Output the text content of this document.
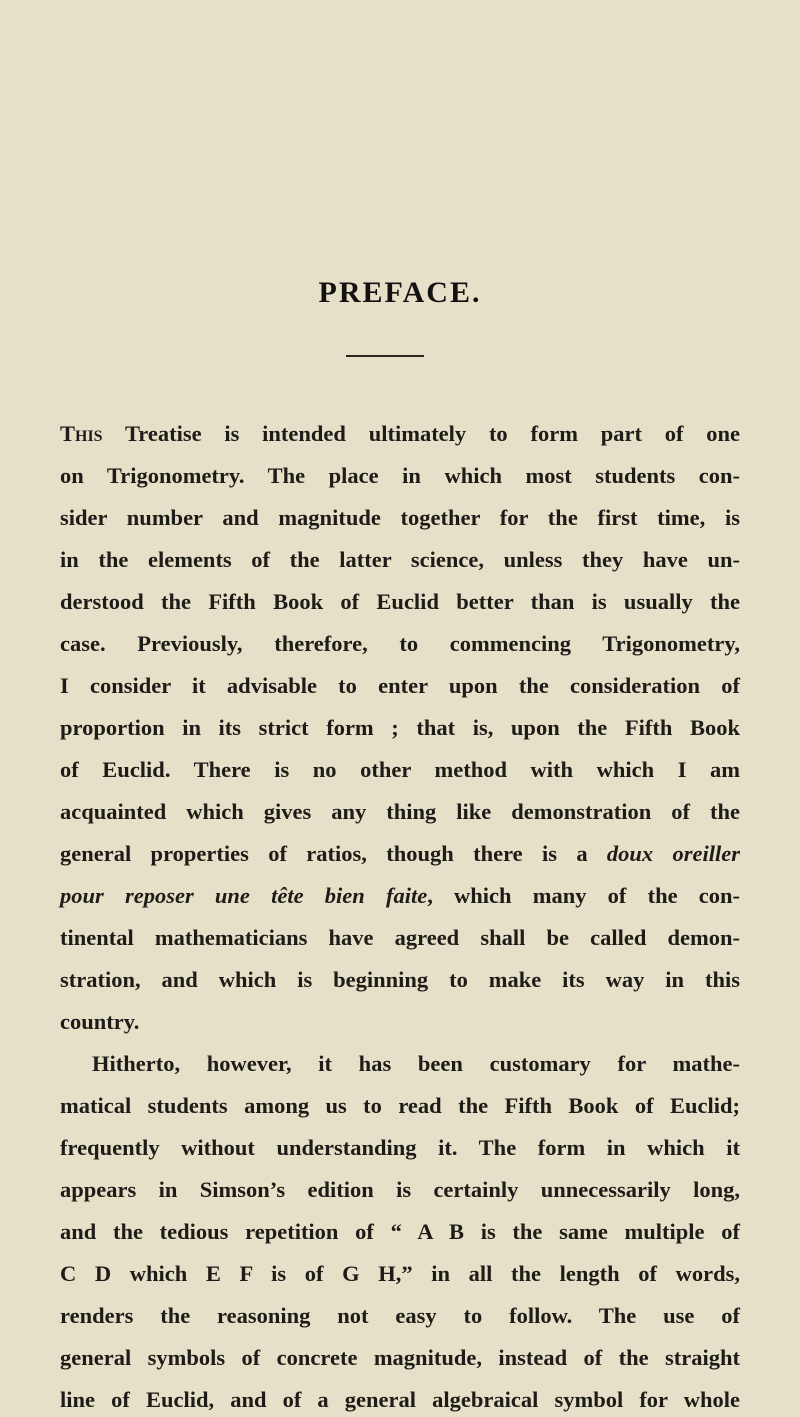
PREFACE.
This Treatise is intended ultimately to form part of one
on Trigonometry. The place in which most students con-
sider number and magnitude together for the first time, is
in the elements of the latter science, unless they have un-
derstood the Fifth Book of Euclid better than is usually the
case. Previously, therefore, to commencing Trigonometry,
I consider it advisable to enter upon the consideration of
proportion in its strict form ; that is, upon the Fifth Book
of Euclid. There is no other method with which I am
acquainted which gives any thing like demonstration of the
general properties of ratios, though there is a doux oreiller
pour reposer une tête bien faite, which many of the con-
tinental mathematicians have agreed shall be called demon-
stration, and which is beginning to make its way in this
country.
Hitherto, however, it has been customary for mathe-
matical students among us to read the Fifth Book of Euclid;
frequently without understanding it. The form in which it
appears in Simson’s edition is certainly unnecessarily long,
and the tedious repetition of “ A B is the same multiple of
C D which E F is of G H,” in all the length of words,
renders the reasoning not easy to follow. The use of
general symbols of concrete magnitude, instead of the straight
line of Euclid, and of a general algebraical symbol for whole
